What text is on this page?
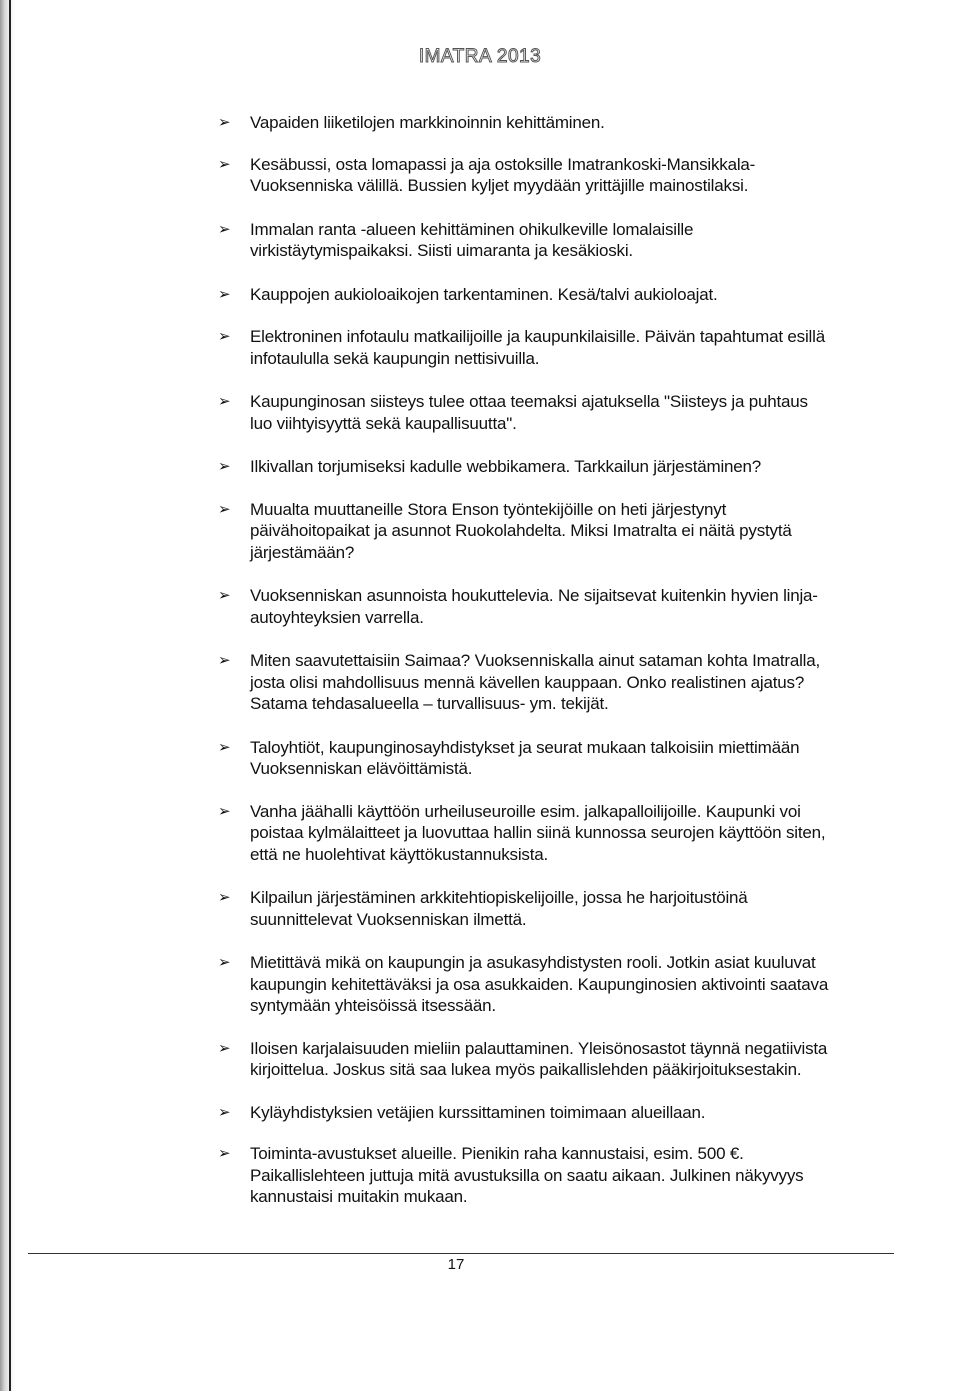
IMATRA 2013
➢ Vapaiden liiketilojen markkinoinnin kehittäminen.
➢ Kesäbussi, osta lomapassi ja aja ostoksille Imatrankoski-Mansikkala-Vuoksenniska välillä. Bussien kyljet myydään yrittäjille mainostilaksi.
➢ Immalan ranta -alueen kehittäminen ohikulkeville lomalaisille virkistäytymispaikaksi. Siisti uimaranta ja kesäkioski.
➢ Kauppojen aukioloaikojen tarkentaminen. Kesä/talvi aukioloajat.
➢ Elektroninen infotaulu matkailijoille ja kaupunkilaisille. Päivän tapahtumat esillä infotaululla sekä kaupungin nettisivuilla.
➢ Kaupunginosan siisteys tulee ottaa teemaksi ajatuksella "Siisteys ja puhtaus luo viihtyisyyttä sekä kaupallisuutta".
➢ Ilkivallan torjumiseksi kadulle webbikamera. Tarkkailun järjestäminen?
➢ Muualta muuttaneille Stora Enson työntekijöille on heti järjestynyt päivähoitopaikat ja asunnot Ruokolahdelta. Miksi Imatralta ei näitä pystytä järjestämään?
➢ Vuoksenniskan asunnoista houkuttelevia. Ne sijaitsevat kuitenkin hyvien linja-autoyhteyksien varrella.
➢ Miten saavutettaisiin Saimaa? Vuoksenniskalla ainut sataman kohta Imatralla, josta olisi mahdollisuus mennä kävellen kauppaan. Onko realistinen ajatus? Satama tehdasalueella – turvallisuus- ym. tekijät.
➢ Taloyhtiöt, kaupunginosayhdistykset ja seurat mukaan talkoisiin miettimään Vuoksenniskan elävöittämistä.
➢ Vanha jäähalli käyttöön urheiluseuroille esim. jalkapalloilijoille. Kaupunki voi poistaa kylmälaitteet ja luovuttaa hallin siinä kunnossa seurojen käyttöön siten, että ne huolehtivat käyttökustannuksista.
➢ Kilpailun järjestäminen arkkitehtiopiskelijoille, jossa he harjoitustöinä suunnittelevat Vuoksenniskan ilmettä.
➢ Mietittävä mikä on kaupungin ja asukasyhdistysten rooli. Jotkin asiat kuuluvat kaupungin kehitettäväksi ja osa asukkaiden. Kaupunginosien aktivointi saatava syntymään yhteisöissä itsessään.
➢ Iloisen karjalaisuuden mieliin palauttaminen. Yleisönosastot täynnä negatiivista kirjoittelua. Joskus sitä saa lukea myös paikallislehden pääkirjoituksestakin.
➢ Kyläyhdistyksien vetäjien kurssittaminen toimimaan alueillaan.
➢ Toiminta-avustukset alueille. Pienikin raha kannustaisi, esim. 500 €. Paikallislehteen juttuja mitä avustuksilla on saatu aikaan. Julkinen näkyvyys kannustaisi muitakin mukaan.
17
